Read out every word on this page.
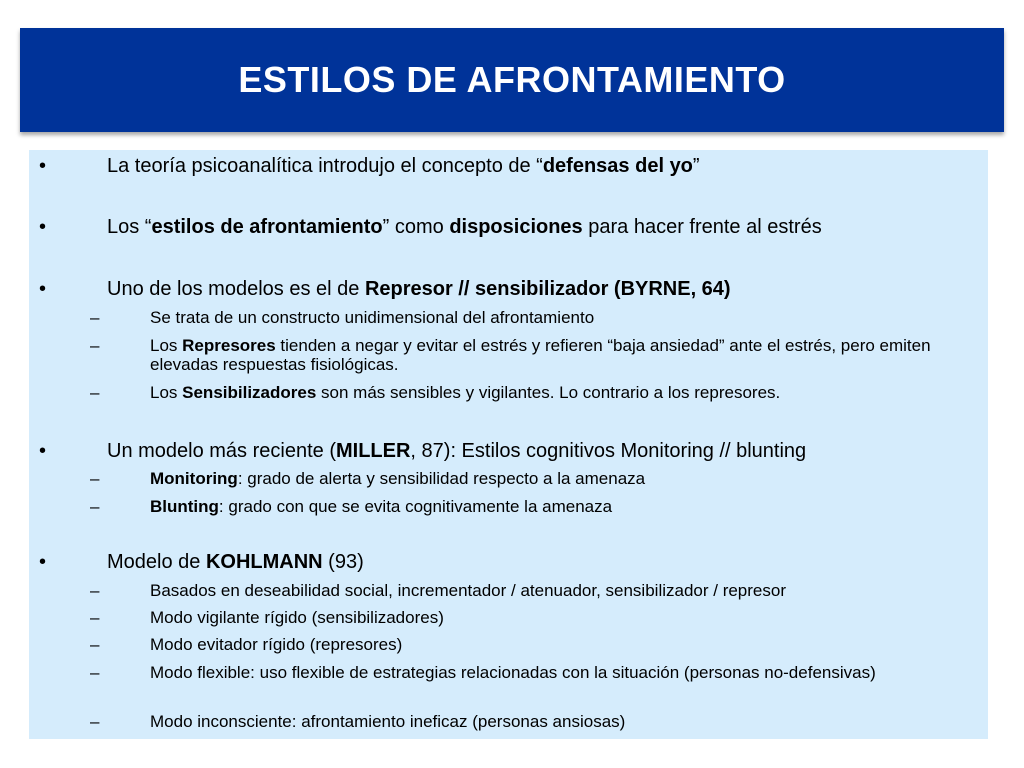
ESTILOS DE AFRONTAMIENTO
•	La teoría psicoanalítica introdujo el concepto de “defensas del yo”
•	Los “estilos de afrontamiento” como disposiciones para hacer frente al estrés
•	Uno de los modelos es el de Represor // sensibilizador (BYRNE, 64)
–	Se trata de un constructo unidimensional del afrontamiento
–	Los Represores tienden a negar y evitar el estrés y refieren “baja ansiedad” ante el estrés, pero emiten elevadas respuestas fisiológicas.
–	Los Sensibilizadores son más sensibles y vigilantes. Lo contrario a los represores.
•	Un modelo más reciente (MILLER, 87): Estilos cognitivos Monitoring // blunting
–	Monitoring: grado de alerta y sensibilidad respecto a la amenaza
–	Blunting: grado con que se evita cognitivamente la amenaza
•	Modelo de KOHLMANN (93)
–	Basados en deseabilidad social, incrementador / atenuador, sensibilizador / represor
–	Modo vigilante rígido (sensibilizadores)
–	Modo evitador rígido (represores)
–	Modo flexible: uso flexible de estrategias relacionadas con la situación (personas no-defensivas)
–	Modo inconsciente: afrontamiento ineficaz (personas ansiosas)
